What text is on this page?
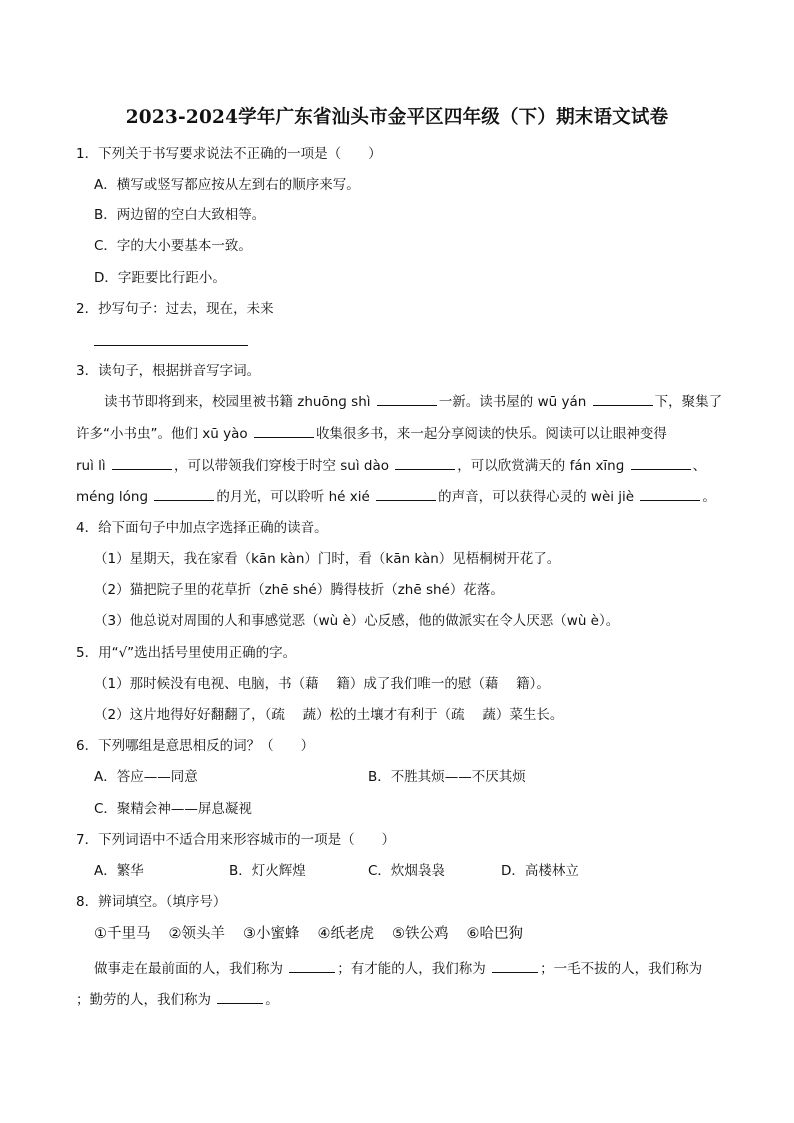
2023-2024学年广东省汕头市金平区四年级（下）期末语文试卷
1．下列关于书写要求说法不正确的一项是（　　）
A．横写或竖写都应按从左到右的顺序来写。
B．两边留的空白大致相等。
C．字的大小要基本一致。
D．字距要比行距小。
2．抄写句子：过去，现在，未来
3．读句子，根据拼音写字词。
读书节即将到来，校园里被书籍 zhuōnɡ shì	一新。读书屋的 wū yán	下，聚集了
许多“小书虫”。他们 xū yào	收集很多书，来一起分享阅读的快乐。阅读可以让眼神变得
ruì lì	，可以带领我们穿梭于时空 suì dào	，可以欣赏满天的 fán xīnɡ	、
ménɡ lónɡ	的月光，可以聆听 hé xié	的声音，可以获得心灵的 wèi jiè	。
4．给下面句子中加点字选择正确的读音。
（1）星期天，我在家看（kān kàn）门时，看（kān kàn）见梧桐树开花了。
（2）猫把院子里的花草折（zhē shé）腾得枝折（zhē shé）花落。
（3）他总说对周围的人和事感觉恶（wù è）心反感，他的做派实在令人厌恶（wù è）。
5．用“√”选出括号里使用正确的字。
（1）那时候没有电视、电脑，书（藉　 籍）成了我们唯一的慰（藉　 籍）。
（2）这片地得好好翻翻了，（疏　 蔬）松的土壤才有利于（疏　 蔬）菜生长。
6．下列哪组是意思相反的词？（　　）
A．答应——同意	B．不胜其烦——不厌其烦
C．聚精会神——屏息凝视
7．下列词语中不适合用来形容城市的一项是（　　）
A．繁华	B．灯火辉煌	C．炊烟袅袅	D．高楼林立
8．辨词填空。（填序号）
①千里马 ②领头羊 ③小蜜蜂 ④纸老虎 ⑤铁公鸡 ⑥哈巴狗
做事走在最前面的人，我们称为	；有才能的人，我们称为	；一毛不拔的人，我们称为
；勤劳的人，我们称为	。
